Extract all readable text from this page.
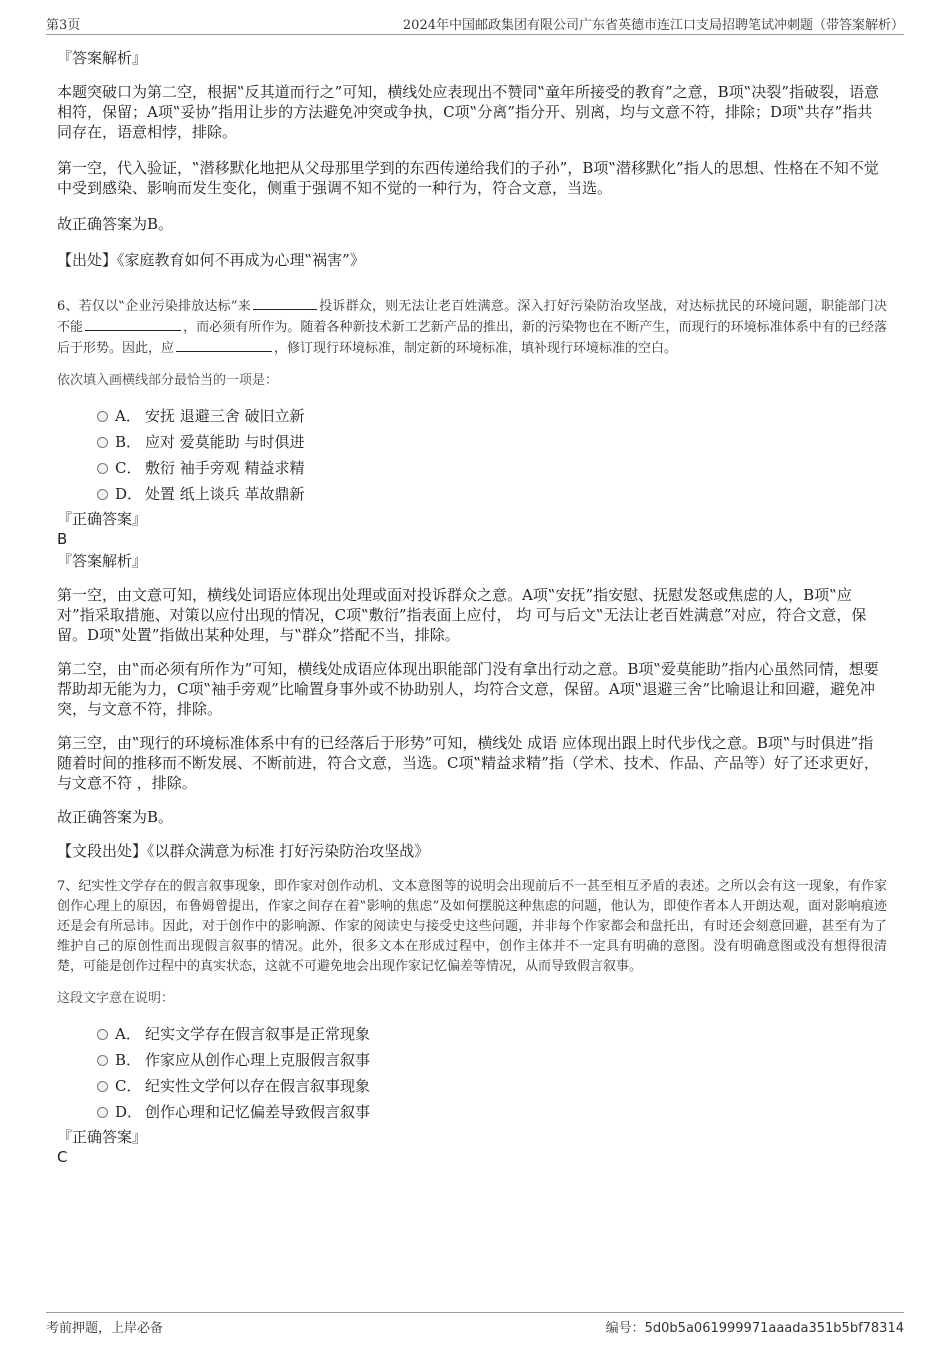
第3页	2024年中国邮政集团有限公司广东省英德市连江口支局招聘笔试冲刺题（带答案解析）

『答案解析』

本题突破口为第二空，根据‟反其道而行之”可知，横线处应表现出不赞同‟童年所接受的教育”之意，B项‟决裂”指破裂，语意相符，保留；A项‟妥协”指用让步的方法避免冲突或争执，C项‟分离”指分开、别离，均与文意不符，排除；D项‟共存”指共同存在，语意相悖，排除。

第一空，代入验证，‟潜移默化地把从父母那里学到的东西传递给我们的子孙”，B项‟潜移默化”指人的思想、性格在不知不觉中受到感染、影响而发生变化，侧重于强调不知不觉的一种行为，符合文意，当选。

故正确答案为B。

【出处】《家庭教育如何不再成为心理‟祸害”》

6、若仅以‟企业污染排放达标”来	投诉群众，则无法让老百姓满意。深入打好污染防治攻坚战，对达标扰民的环境问题，职能部门决不能	，而必须有所作为。随着各种新技术新工艺新产品的推出，新的污染物也在不断产生，而现行的环境标准体系中有的已经落后于形势。因此，应	，修订现行环境标准，制定新的环境标准，填补现行环境标准的空白。

依次填入画横线部分最恰当的一项是：

A． 安抚 退避三舍 破旧立新
B． 应对 爱莫能助 与时俱进
C． 敷衍 袖手旁观 精益求精
D． 处置 纸上谈兵 革故鼎新

『正确答案』

B

『答案解析』

第一空，由文意可知，横线处词语应体现出处理或面对投诉群众之意。A项‟安抚”指安慰、抚慰发怒或焦虑的人，B项‟应对”指采取措施、对策以应付出现的情况，C项‟敷衍”指表面上应付， 均 可与后文‟无法让老百姓满意”对应，符合文意，保留。D项‟处置”指做出某种处理，与‟群众”搭配不当，排除。

第二空，由‟而必须有所作为”可知，横线处成语应体现出职能部门没有拿出行动之意。B项‟爱莫能助”指内心虽然同情，想要帮助却无能为力，C项‟袖手旁观”比喻置身事外或不协助别人，均符合文意，保留。A项‟退避三舍”比喻退让和回避，避免冲突，与文意不符，排除。

第三空，由‟现行的环境标准体系中有的已经落后于形势”可知，横线处 成语 应体现出跟上时代步伐之意。B项‟与时俱进”指随着时间的推移而不断发展、不断前进，符合文意，当选。C项‟精益求精”指（学术、技术、作品、产品等）好了还求更好，与文意不符 ，排除。

故正确答案为B。

【文段出处】《以群众满意为标准 打好污染防治攻坚战》

7、纪实性文学存在的假言叙事现象，即作家对创作动机、文本意图等的说明会出现前后不一甚至相互矛盾的表述。之所以会有这一现象，有作家创作心理上的原因，布鲁姆曾提出，作家之间存在着‟影响的焦虑”及如何摆脱这种焦虑的问题，他认为，即使作者本人开朗达观，面对影响痕迹还是会有所忌讳。因此，对于创作中的影响源、作家的阅读史与接受史这些问题，并非每个作家都会和盘托出，有时还会刻意回避，甚至有为了维护自己的原创性而出现假言叙事的情况。此外，很多文本在形成过程中，创作主体并不一定具有明确的意图。没有明确意图或没有想得很清楚，可能是创作过程中的真实状态，这就不可避免地会出现作家记忆偏差等情况，从而导致假言叙事。

这段文字意在说明：

A． 纪实文学存在假言叙事是正常现象
B． 作家应从创作心理上克服假言叙事
C． 纪实性文学何以存在假言叙事现象
D． 创作心理和记忆偏差导致假言叙事

『正确答案』

C

考前押题，上岸必备	编号：5d0b5a061999971aaada351b5bf78314
